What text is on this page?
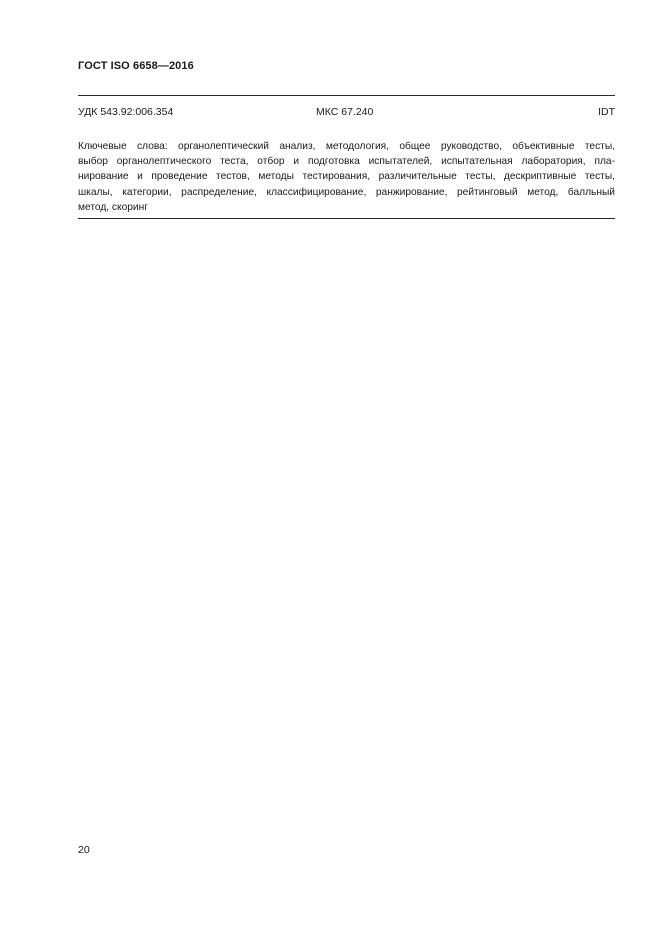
ГОСТ ISO 6658—2016
УДК 543.92:006.354	МКС 67.240	IDT
Ключевые слова: органолептический анализ, методология, общее руководство, объективные тесты,
выбор органолептического теста, отбор и подготовка испытателей, испытательная лаборатория, пла-
нирование и проведение тестов, методы тестирования, различительные тесты, дескриптивные тесты,
шкалы, категории, распределение, классифицирование, ранжирование, рейтинговый метод, балльный
метод, скоринг
20
